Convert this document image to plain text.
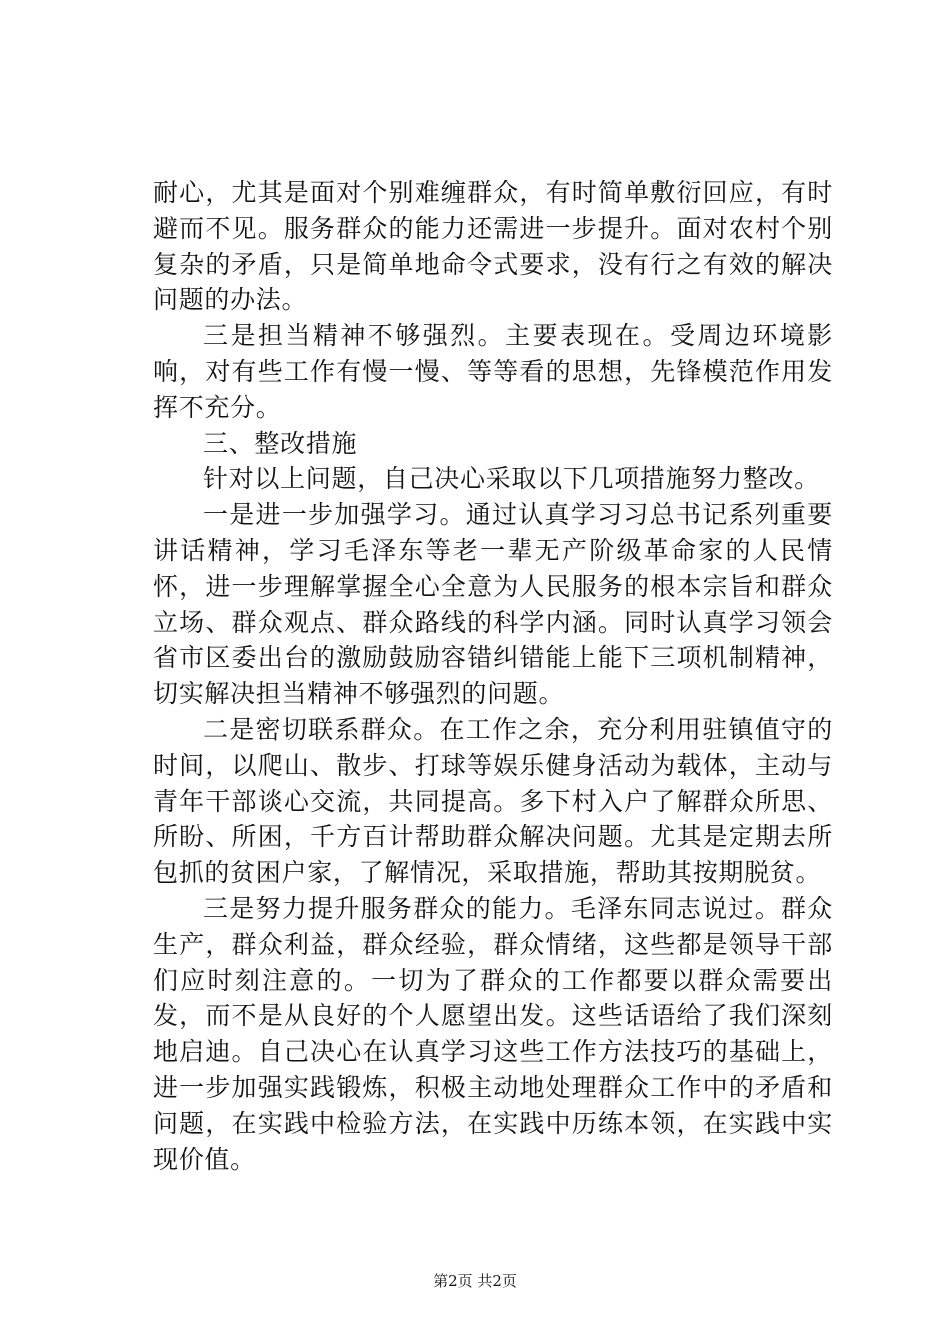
耐心，尤其是面对个别难缠群众，有时简单敷衍回应，有时避而不见。服务群众的能力还需进一步提升。面对农村个别复杂的矛盾，只是简单地命令式要求，没有行之有效的解决问题的办法。

三是担当精神不够强烈。主要表现在。受周边环境影响，对有些工作有慢一慢、等等看的思想，先锋模范作用发挥不充分。

三、整改措施

针对以上问题，自己决心采取以下几项措施努力整改。

一是进一步加强学习。通过认真学习习总书记系列重要讲话精神，学习毛泽东等老一辈无产阶级革命家的人民情怀，进一步理解掌握全心全意为人民服务的根本宗旨和群众立场、群众观点、群众路线的科学内涵。同时认真学习领会省市区委出台的激励鼓励容错纠错能上能下三项机制精神，切实解决担当精神不够强烈的问题。

二是密切联系群众。在工作之余，充分利用驻镇值守的时间，以爬山、散步、打球等娱乐健身活动为载体，主动与青年干部谈心交流，共同提高。多下村入户了解群众所思、所盼、所困，千方百计帮助群众解决问题。尤其是定期去所包抓的贫困户家，了解情况，采取措施，帮助其按期脱贫。

三是努力提升服务群众的能力。毛泽东同志说过。群众生产，群众利益，群众经验，群众情绪，这些都是领导干部们应时刻注意的。一切为了群众的工作都要以群众需要出发，而不是从良好的个人愿望出发。这些话语给了我们深刻地启迪。自己决心在认真学习这些工作方法技巧的基础上，进一步加强实践锻炼，积极主动地处理群众工作中的矛盾和问题，在实践中检验方法，在实践中历练本领，在实践中实现价值。

第2页 共2页
